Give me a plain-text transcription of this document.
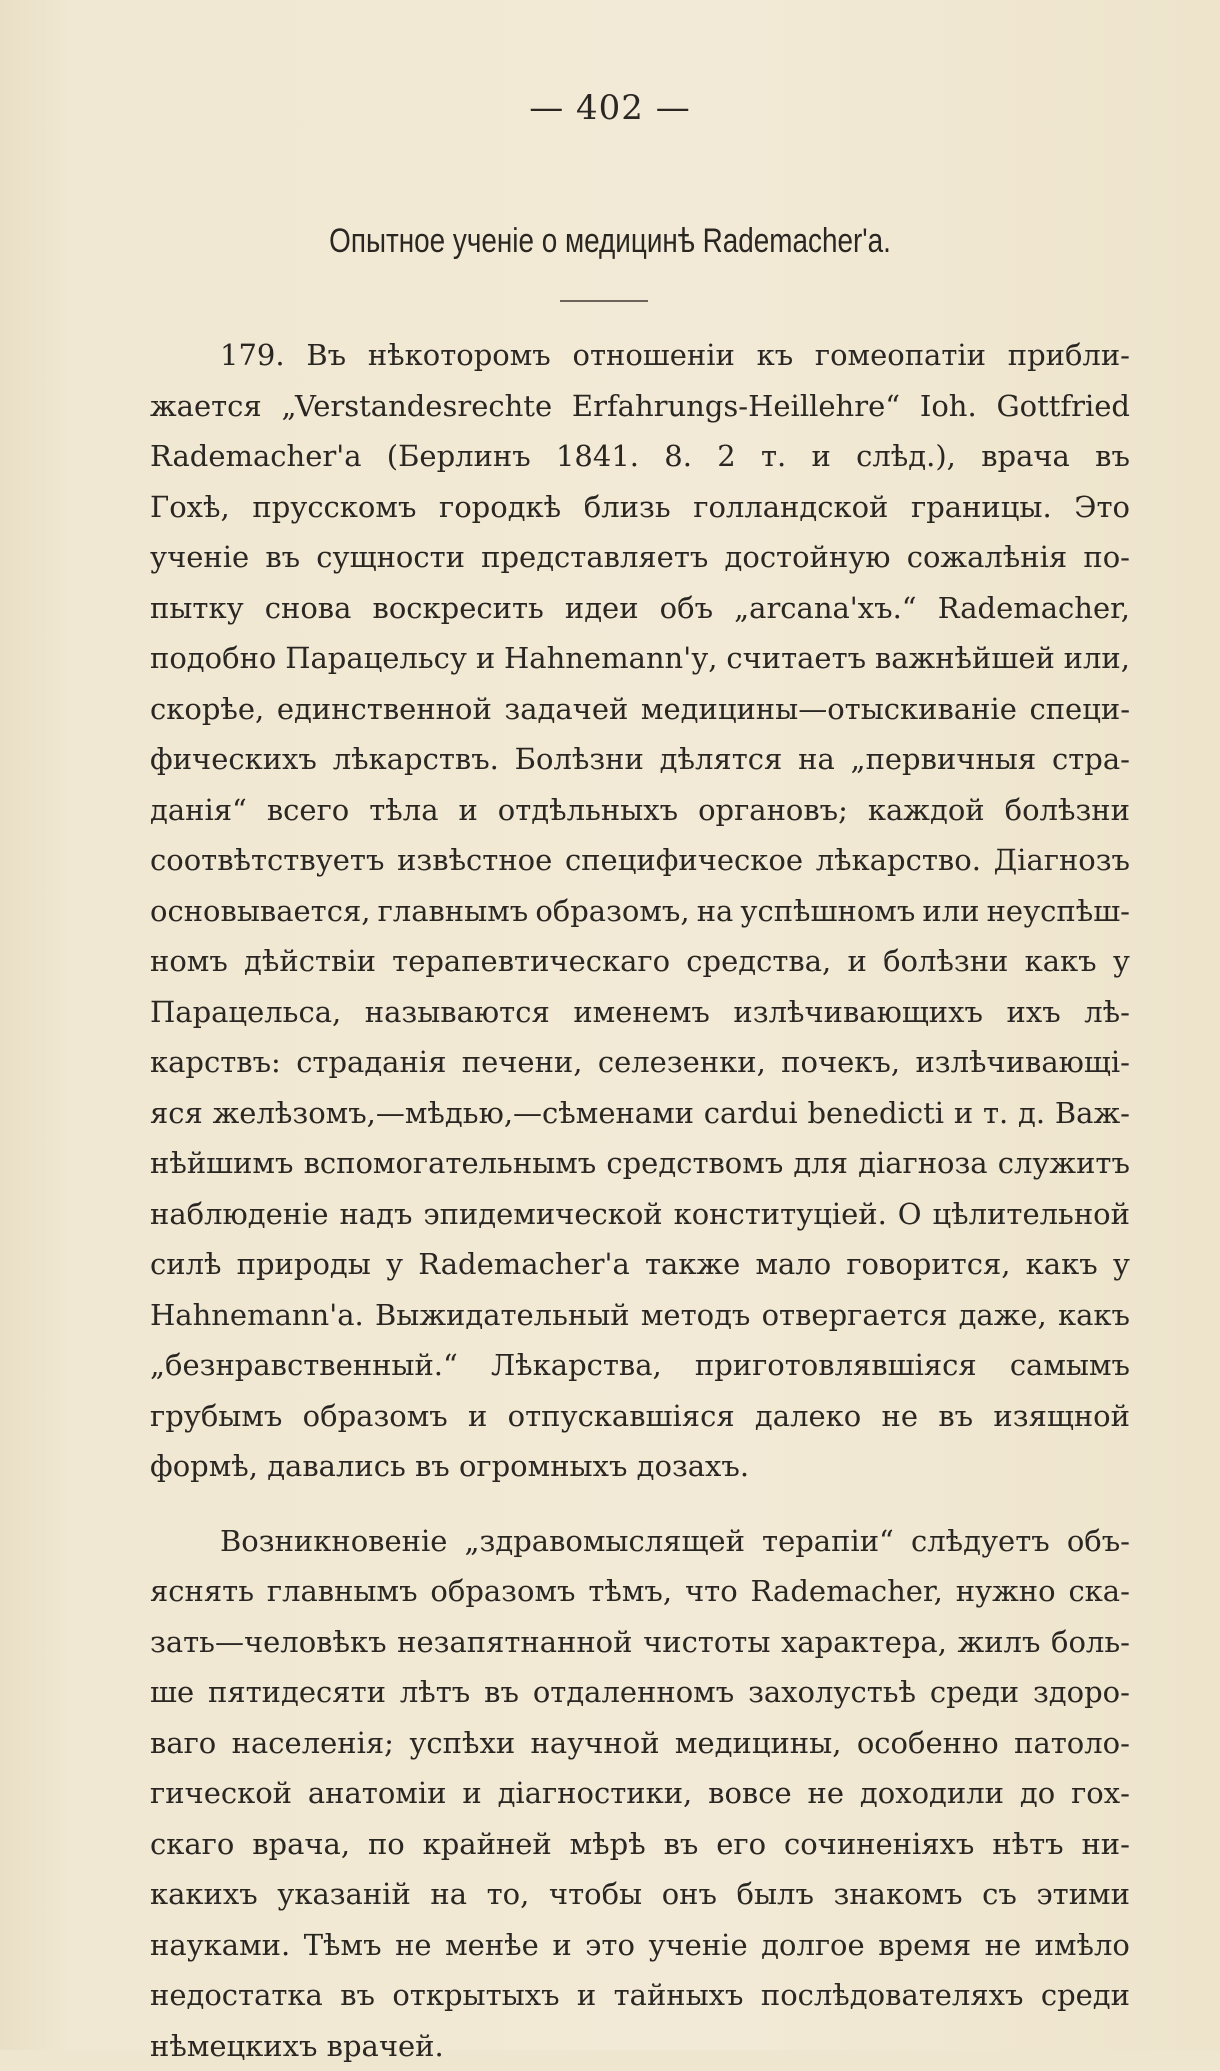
— 402 —
Опытное ученіе о медицинѣ Rademacher'a.
179. Въ нѣкоторомъ отношеніи къ гомеопатіи прибли-
жается „Verstandesrechte Erfahrungs-Heillehre“ Ioh. Gottfried
Rademacher'a (Берлинъ 1841. 8. 2 т. и слѣд.), врача въ
Гохѣ, прусскомъ городкѣ близь голландской границы. Это
ученіе въ сущности представляетъ достойную сожалѣнія по-
пытку снова воскресить идеи объ „arcana'хъ.“ Rademacher,
подобно Парацельсу и Hahnemann'у, считаетъ важнѣйшей или,
скорѣе, единственной задачей медицины—отыскиваніе специ-
фическихъ лѣкарствъ. Болѣзни дѣлятся на „первичныя стра-
данія“ всего тѣла и отдѣльныхъ органовъ; каждой болѣзни
соотвѣтствуетъ извѣстное специфическое лѣкарство. Діагнозъ
основывается, главнымъ образомъ, на успѣшномъ или неуспѣш-
номъ дѣйствіи терапевтическаго средства, и болѣзни какъ у
Парацельса, называются именемъ излѣчивающихъ ихъ лѣ-
карствъ: страданія печени, селезенки, почекъ, излѣчивающі-
яся желѣзомъ,—мѣдью,—сѣменами cardui benedicti и т. д. Важ-
нѣйшимъ вспомогательнымъ средствомъ для діагноза служитъ
наблюденіе надъ эпидемической конституціей. О цѣлительной
силѣ природы у Rademacher'a также мало говорится, какъ у
Hahnemann'a. Выжидательный методъ отвергается даже, какъ
„безнравственный.“ Лѣкарства, приготовлявшіяся самымъ
грубымъ образомъ и отпускавшіяся далеко не въ изящной
формѣ, давались въ огромныхъ дозахъ.
Возникновеніе „здравомыслящей терапіи“ слѣдуетъ объ-
яснять главнымъ образомъ тѣмъ, что Rademacher, нужно ска-
зать—человѣкъ незапятнанной чистоты характера, жилъ боль-
ше пятидесяти лѣтъ въ отдаленномъ захолустьѣ среди здоро-
ваго населенія; успѣхи научной медицины, особенно патоло-
гической анатоміи и діагностики, вовсе не доходили до гох-
скаго врача, по крайней мѣрѣ въ его сочиненіяхъ нѣтъ ни-
какихъ указаній на то, чтобы онъ былъ знакомъ съ этими
науками. Тѣмъ не менѣе и это ученіе долгое время не имѣло
недостатка въ открытыхъ и тайныхъ послѣдователяхъ среди
нѣмецкихъ врачей.
